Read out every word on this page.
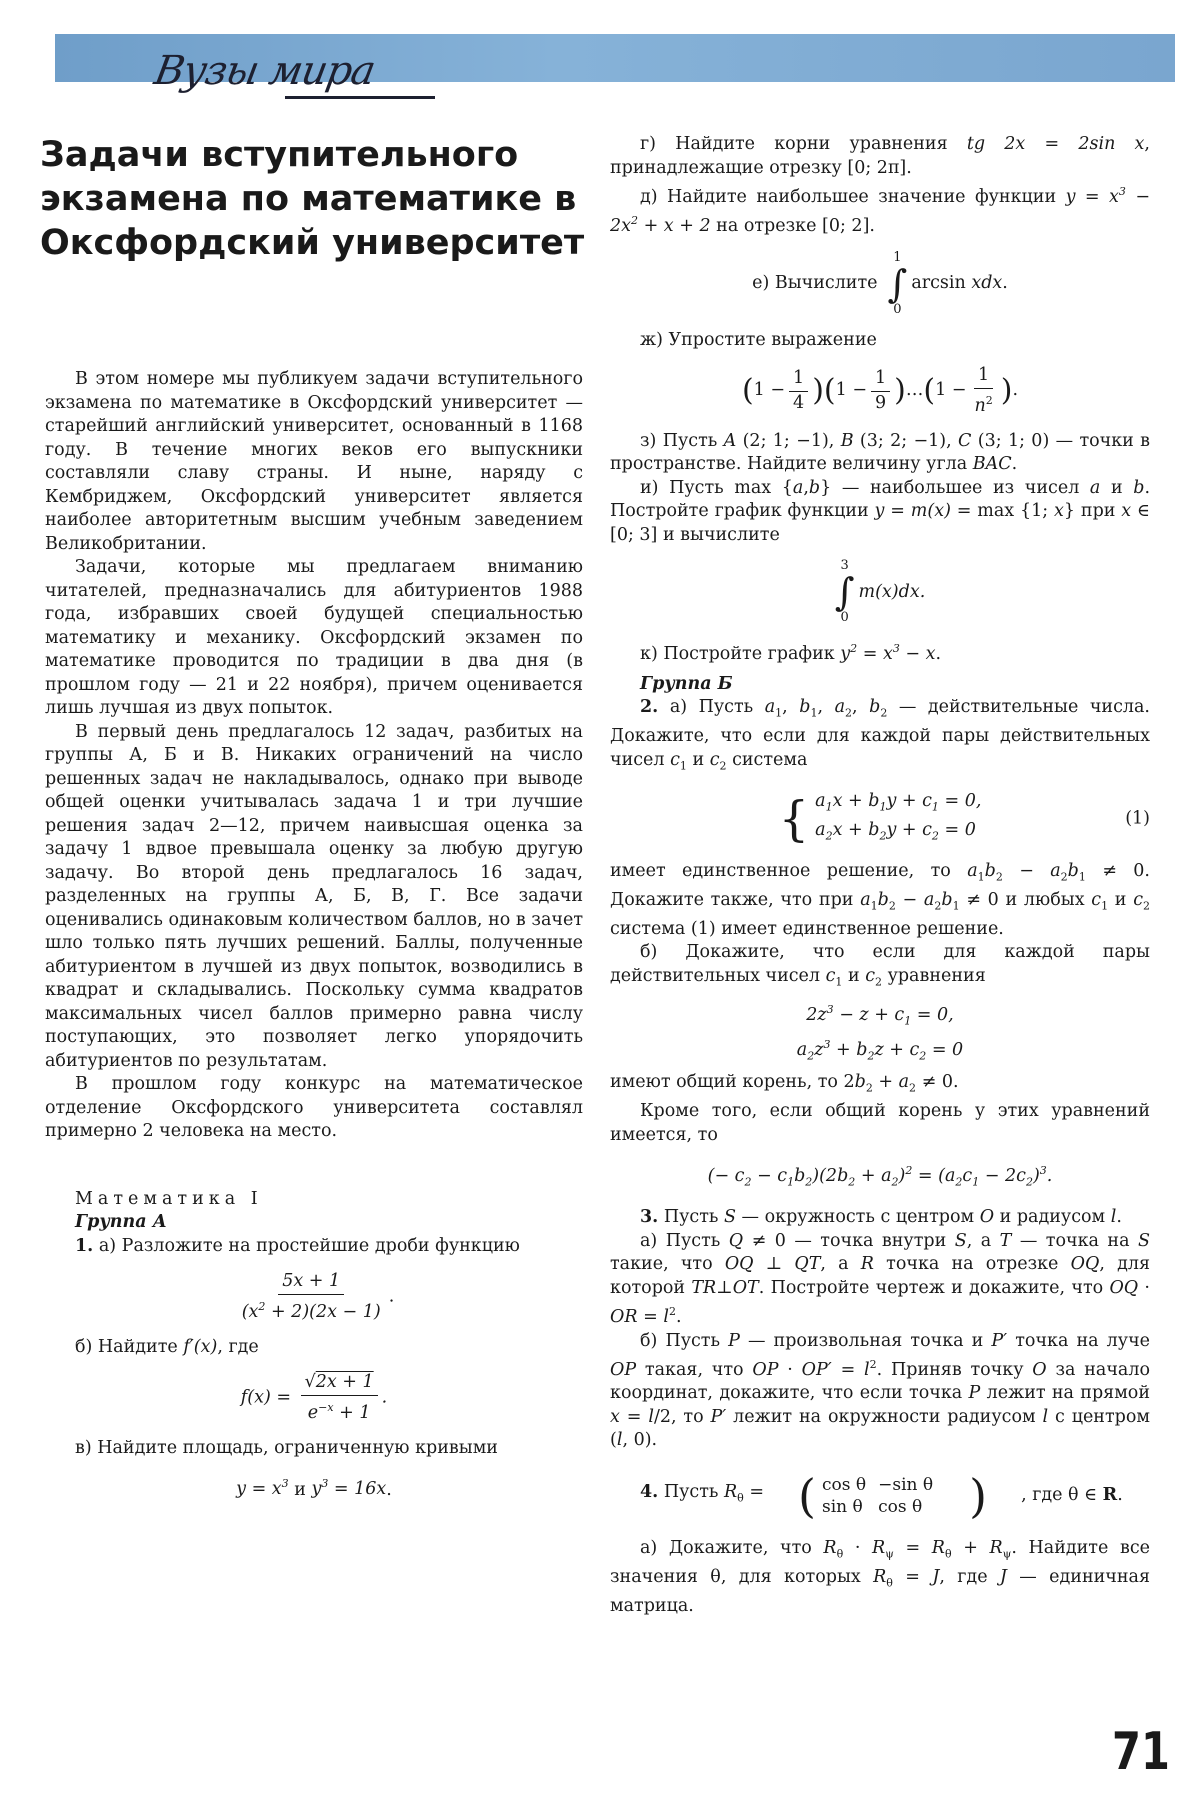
Вузы мира
Задачи вступительного экзамена по математике в Оксфордский университет

В этом номере мы публикуем задачи вступительного экзамена по математике в Оксфордский университет — старейший английский университет, основанный в 1168 году. В течение многих веков его выпускники составляли славу страны. И ныне, наряду с Кембриджем, Оксфордский университет является наиболее авторитетным высшим учебным заведением Великобритании.

Задачи, которые мы предлагаем вниманию читателей, предназначались для абитуриентов 1988 года, избравших своей будущей специальностью математику и механику. Оксфордский экзамен по математике проводится по традиции в два дня (в прошлом году — 21 и 22 ноября), причем оценивается лишь лучшая из двух попыток.

В первый день предлагалось 12 задач, разбитых на группы А, Б и В. Никаких ограничений на число решенных задач не накладывалось, однако при выводе общей оценки учитывалась задача 1 и три лучшие решения задач 2—12, причем наивысшая оценка за задачу 1 вдвое превышала оценку за любую другую задачу. Во второй день предлагалось 16 задач, разделенных на группы А, Б, В, Г. Все задачи оценивались одинаковым количеством баллов, но в зачет шло только пять лучших решений. Баллы, полученные абитуриентом в лучшей из двух попыток, возводились в квадрат и складывались. Поскольку сумма квадратов максимальных чисел баллов примерно равна числу поступающих, это позволяет легко упорядочить абитуриентов по результатам.

В прошлом году конкурс на математическое отделение Оксфордского университета составлял примерно 2 человека на место.

Математика I

Группа А

1. а) Разложите на простейшие дроби функцию

$\frac{5x + 1}{(x^2 + 2)(2x - 1)}$ .

б) Найдите f′(x), где

$f(x) = \frac{√2x + 1}{e^{-x} + 1}$ .

в) Найдите площадь, ограниченную кривыми

$y = x^3$ и $y^3 = 16x$.

г) Найдите корни уравнения tg 2x = 2sin x, принадлежащие отрезку [0; 2π].

д) Найдите наибольшее значение функции $y = x^3 - 2x^2 + x + 2$ на отрезке [0; 2].

е) Вычислите
1
∫
0
arcsin xdx.

ж) Упростите выражение

( $1 - \frac{1}{4}$ ) ( $1 - \frac{1}{9}$ ) … ( $1 - \frac{1}{n^2}$ ) .

з) Пусть A (2; 1; −1), B (3; 2; −1), C (3; 1; 0) — точки в пространстве. Найдите величину угла BAC.

и) Пусть max {a,b} — наибольшее из чисел a и b. Постройте график функции y = m(x) = max {1; x} при x ∈ [0; 3] и вычислите

3
∫
0
m(x)dx.

к) Постройте график $y^2 = x^3 - x$.

Группа Б

2. а) Пусть $a_1$, $b_1$, $a_2$, $b_2$ — действительные числа. Докажите, что если для каждой пары действительных чисел $c_1$ и $c_2$ система

{ $a_1x + b_1y + c_1 = 0$,
$a_2x + b_2y + c_2 = 0$
(1)

имеет единственное решение, то $a_1b_2 - a_2b_1 \ne 0$. Докажите также, что при $a_1b_2 - a_2b_1 \ne 0$ и любых $c_1$ и $c_2$ система (1) имеет единственное решение.

б) Докажите, что если для каждой пары действительных чисел $c_1$ и $c_2$ уравнения

$2z^3 - z + c_1 = 0$,
$a_2z^3 + b_2z + c_2 = 0$

имеют общий корень, то $2b_2 + a_2 \ne 0$.

Кроме того, если общий корень у этих уравнений имеется, то

(− $c_2 - c_1b_2)(2b_2 + a_2)^2 = (a_2c_1 - 2c_2)^3$.

3. Пусть S — окружность с центром O и радиусом l.

а) Пусть Q ≠ 0 — точка внутри S, а T — точка на S такие, что OQ ⊥ QT, а R точка на отрезке OQ, для которой TR⊥OT. Постройте чертеж и докажите, что OQ · OR = $l^2$.

б) Пусть P — произвольная точка и P′ точка на луче OP такая, что OP · $OP' = l^2$. Приняв точку O за начало координат, докажите, что если точка P лежит на прямой x = l/2, то P′ лежит на окружности радиусом l с центром (l, 0).

4. Пусть $R_\theta$ = ( cos θ	−sin θ
sin θ	cos θ	)	, где θ ∈ R.

а) Докажите, что $R_\theta \cdot R_\psi = R_\theta + R_\psi$. Найдите все значения θ, для которых $R_\theta = J$, где J — единичная матрица.

71
